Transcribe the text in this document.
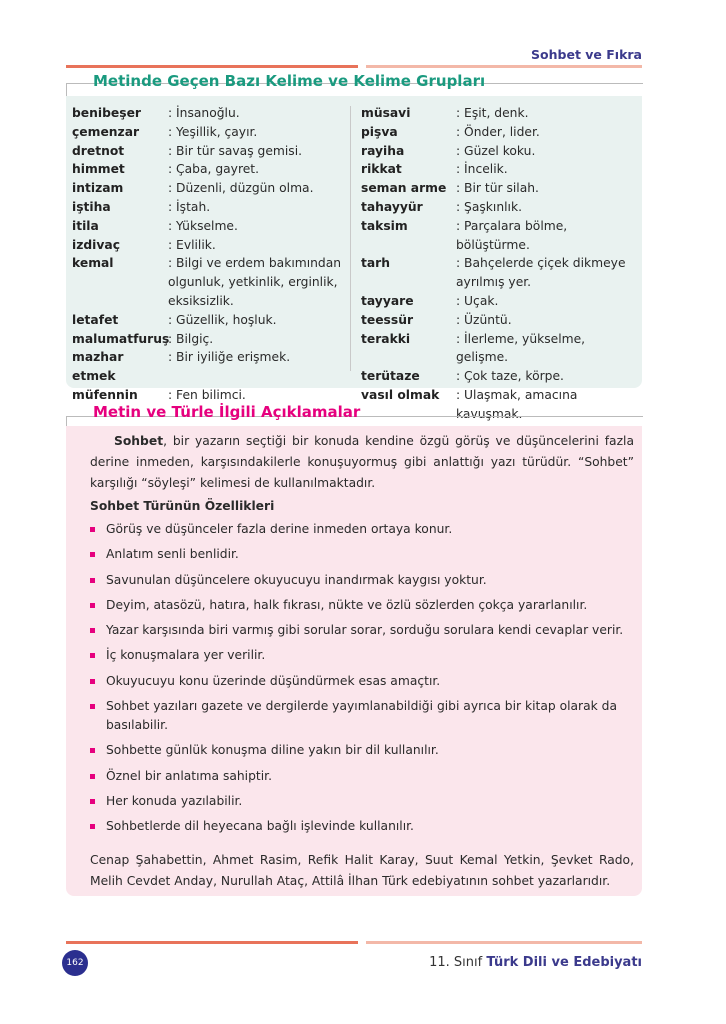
Sohbet ve Fıkra
Metinde Geçen Bazı Kelime ve Kelime Grupları
benibeşer	: İnsanoğlu.
çemenzar	: Yeşillik, çayır.
dretnot	: Bir tür savaş gemisi.
himmet	: Çaba, gayret.
intizam	: Düzenli, düzgün olma.
iştiha	: İştah.
itila	: Yükselme.
izdivaç	: Evlilik.
kemal	: Bilgi ve erdem bakımından olgunluk, yetkinlik, erginlik, eksiksizlik.
letafet	: Güzellik, hoşluk.
malumatfuruş
: Bilgiç.
mazhar etmek
: Bir iyiliğe erişmek.
müfennin	: Fen bilimci.
müsavi	: Eşit, denk.
pişva	: Önder, lider.
rayiha	: Güzel koku.
rikkat	: İncelik.
seman arme : Bir tür silah.
tahayyür	: Şaşkınlık.
taksim	: Parçalara bölme, bölüştürme.
tarh	: Bahçelerde çiçek dikmeye ayrılmış yer.
tayyare	: Uçak.
teessür	: Üzüntü.
terakki	: İlerleme, yükselme, gelişme.
terütaze	: Çok taze, körpe.
vasıl olmak	: Ulaşmak, amacına kavuşmak.
Metin ve Türle İlgili Açıklamalar
Sohbet, bir yazarın seçtiği bir konuda kendine özgü görüş ve düşüncelerini fazla derine inmeden, karşısındakilerle konuşuyormuş gibi anlattığı yazı türüdür. “Sohbet” karşılığı “söyleşi” kelimesi de kullanılmaktadır.
Sohbet Türünün Özellikleri
Görüş ve düşünceler fazla derine inmeden ortaya konur.
Anlatım senli benlidir.
Savunulan düşüncelere okuyucuyu inandırmak kaygısı yoktur.
Deyim, atasözü, hatıra, halk fıkrası, nükte ve özlü sözlerden çokça yararlanılır.
Yazar karşısında biri varmış gibi sorular sorar, sorduğu sorulara kendi cevaplar verir.
İç konuşmalara yer verilir.
Okuyucuyu konu üzerinde düşündürmek esas amaçtır.
Sohbet yazıları gazete ve dergilerde yayımlanabildiği gibi ayrıca bir kitap olarak da basılabilir.
Sohbette günlük konuşma diline yakın bir dil kullanılır.
Öznel bir anlatıma sahiptir.
Her konuda yazılabilir.
Sohbetlerde dil heyecana bağlı işlevinde kullanılır.
Cenap Şahabettin, Ahmet Rasim, Refik Halit Karay, Suut Kemal Yetkin, Şevket Rado, Melih Cevdet Anday, Nurullah Ataç, Attilâ İlhan Türk edebiyatının sohbet yazarlarıdır.
162	11. Sınıf Türk Dili ve Edebiyatı
